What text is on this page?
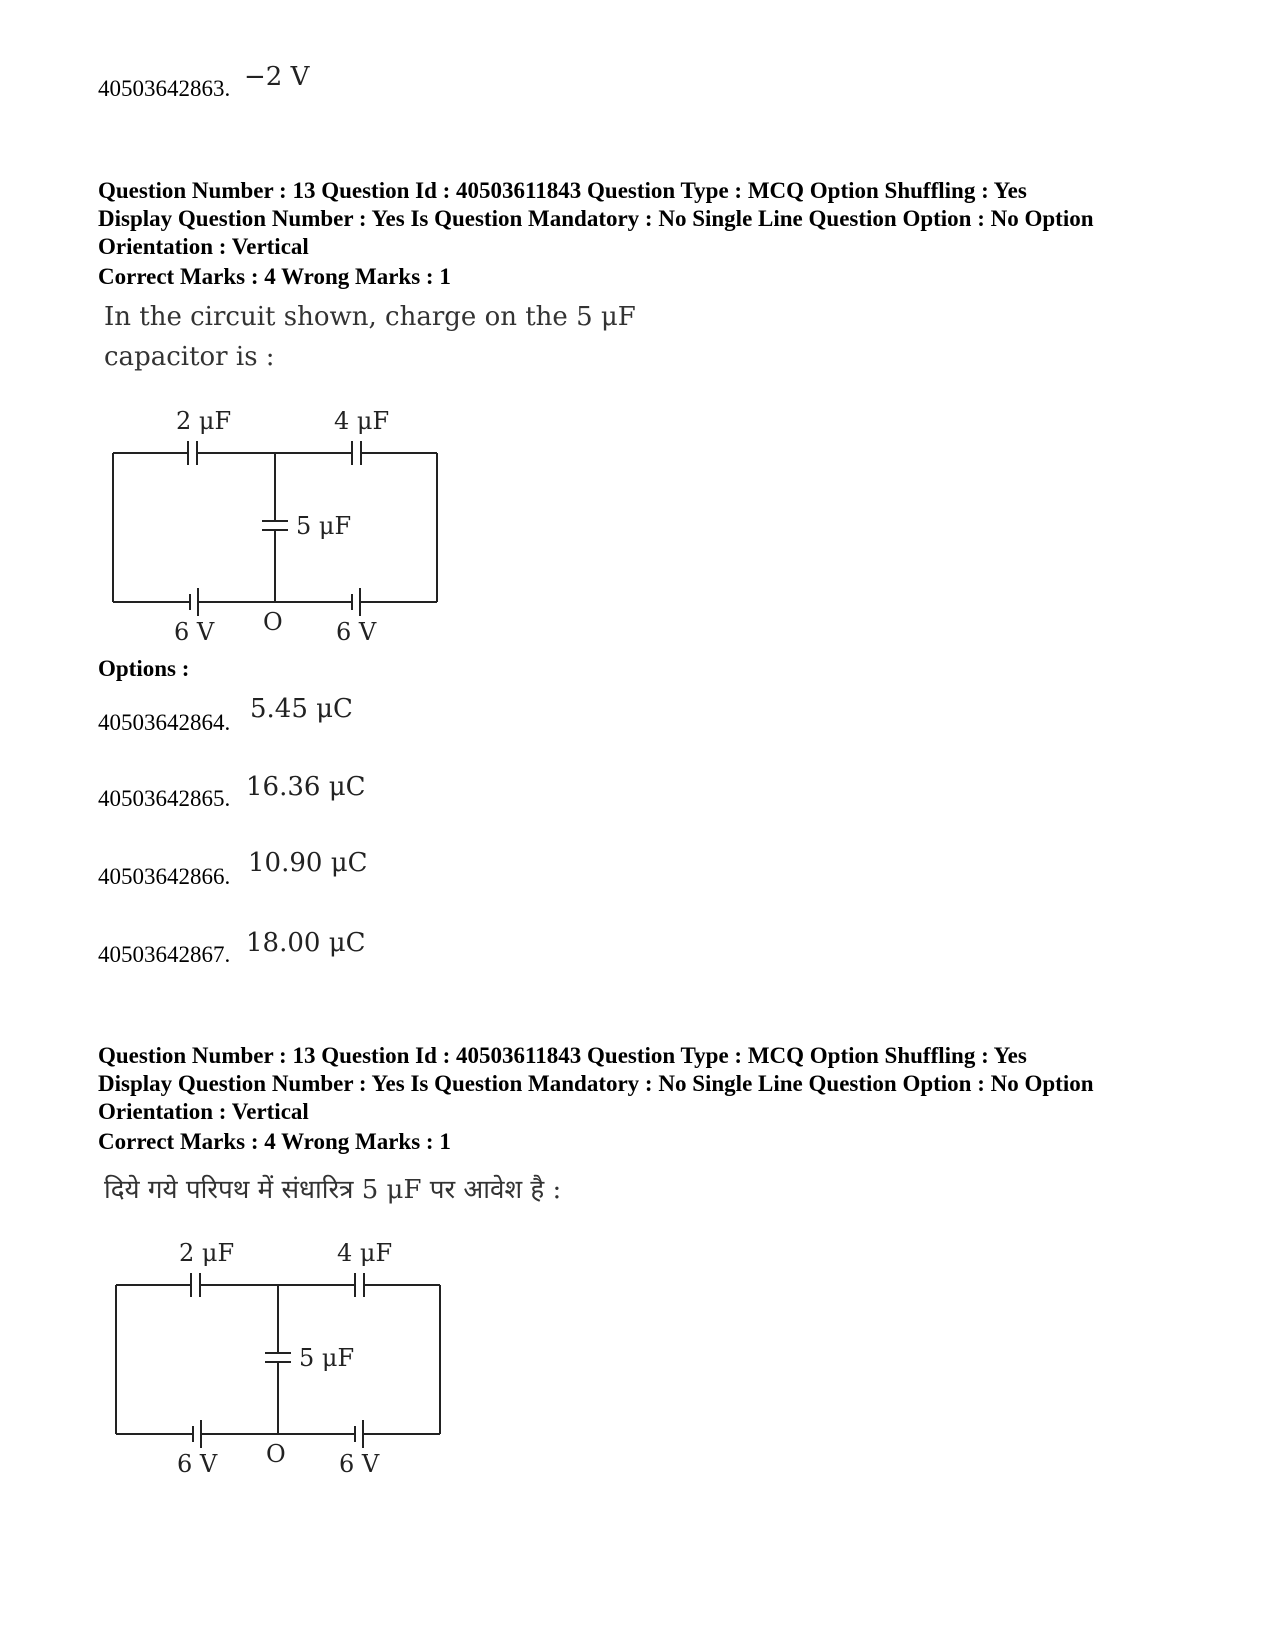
40503642863. −2 V
Question Number : 13 Question Id : 40503611843 Question Type : MCQ Option Shuffling : Yes
Display Question Number : Yes Is Question Mandatory : No Single Line Question Option : No Option
Orientation : Vertical
Correct Marks : 4 Wrong Marks : 1
In the circuit shown, charge on the 5 μF
capacitor is :
2 μF	4 μF
5 μF
6 V O 6 V
Options :
40503642864. 5.45 μC
40503642865. 16.36 μC
40503642866. 10.90 μC
40503642867. 18.00 μC
Question Number : 13 Question Id : 40503611843 Question Type : MCQ Option Shuffling : Yes
Display Question Number : Yes Is Question Mandatory : No Single Line Question Option : No Option
Orientation : Vertical
Correct Marks : 4 Wrong Marks : 1
दिये गये परिपथ में संधारित्र 5 μF पर आवेश है :
2 μF	4 μF
5 μF
6 V O 6 V
